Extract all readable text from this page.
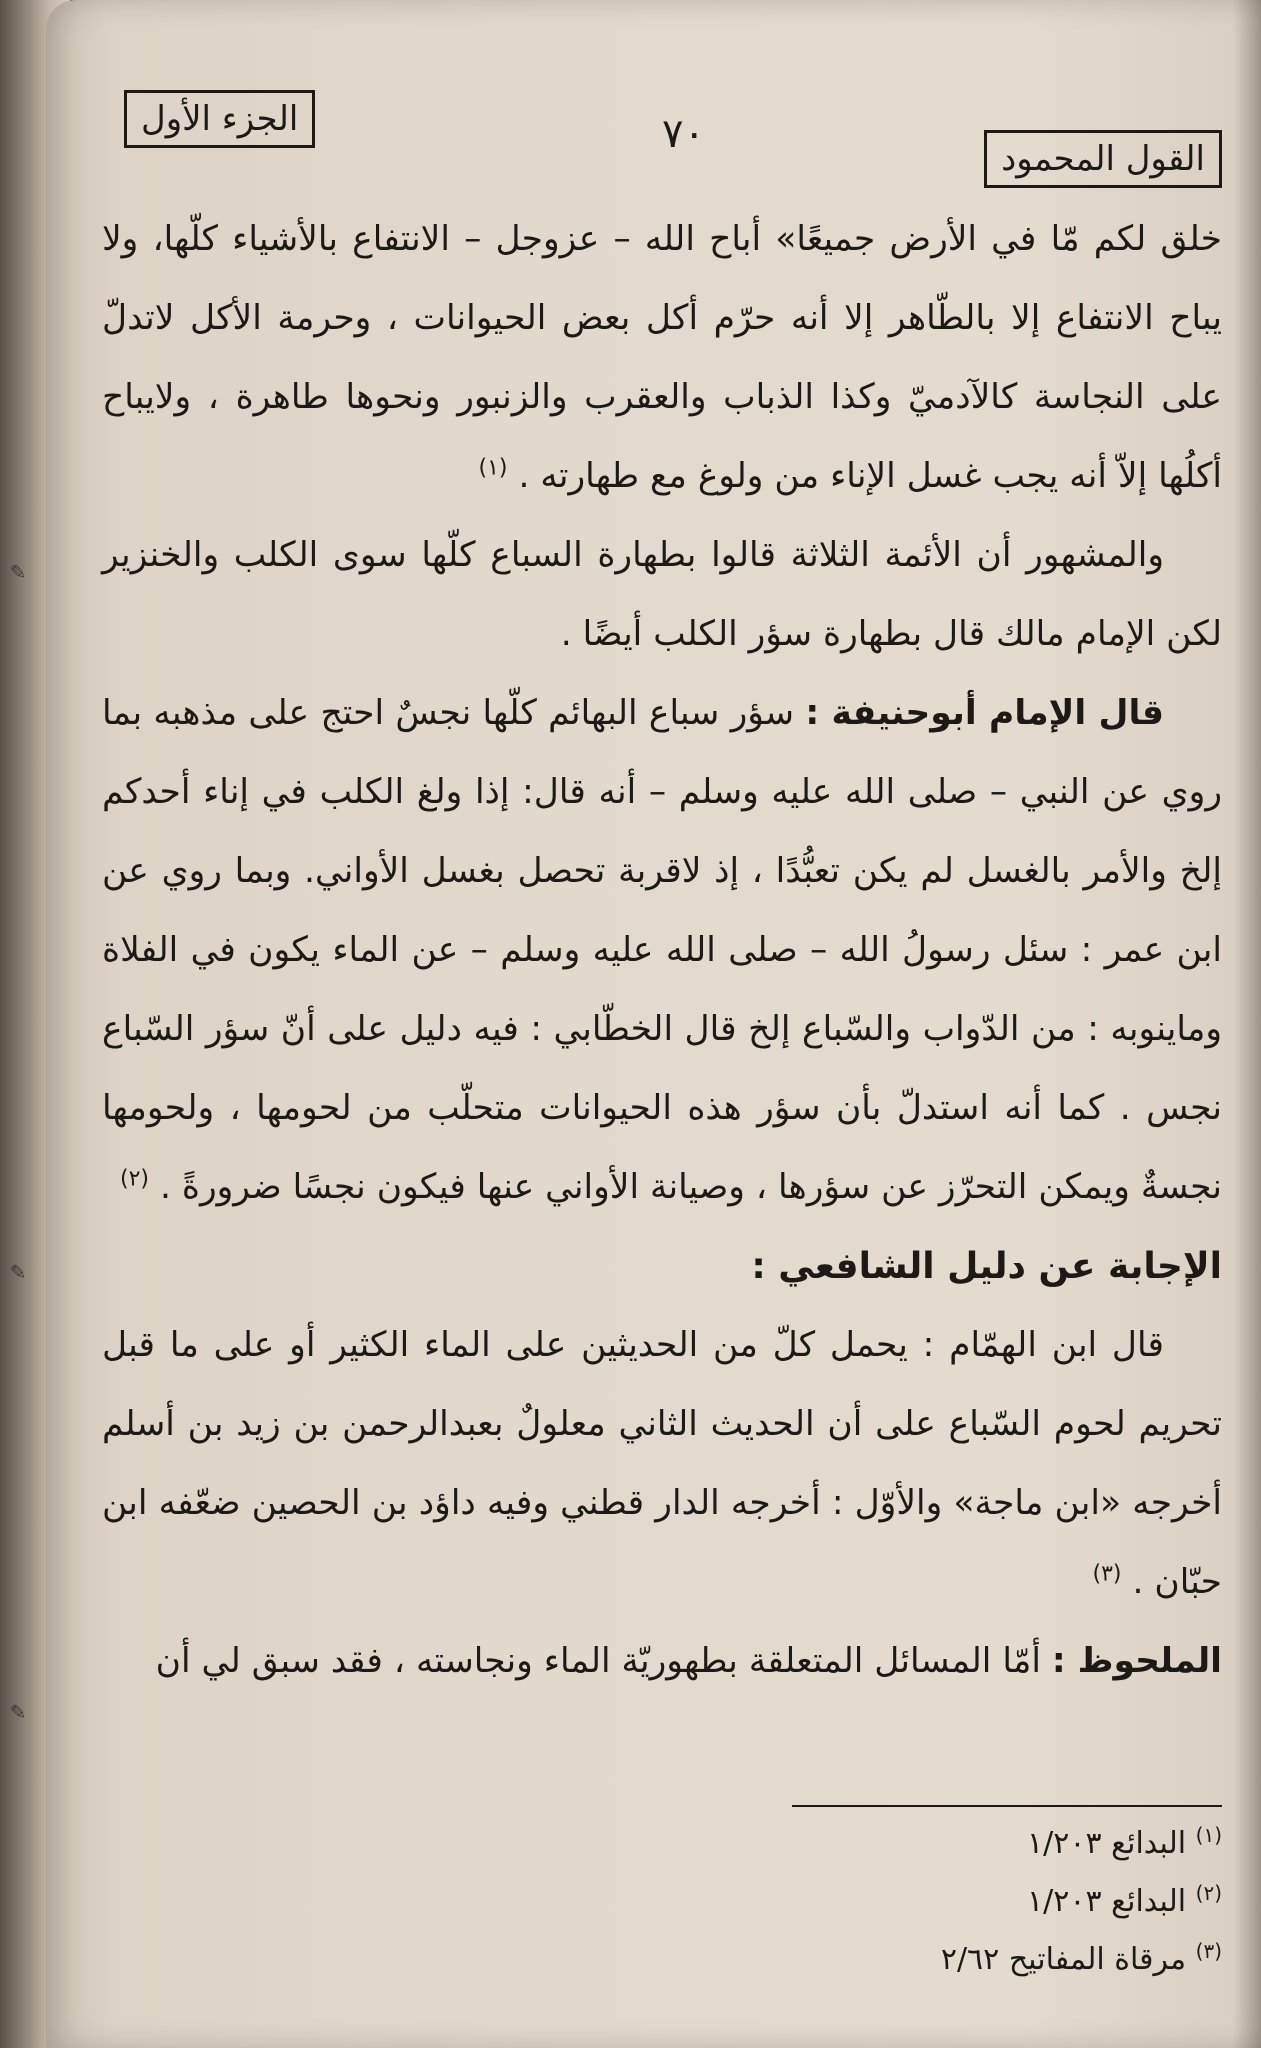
✎
✎
✎
الجزء الأول	٧٠
القول المحمود

خلق لكم مّا في الأرض جميعًا» أباح الله – عزوجل – الانتفاع بالأشياء كلّها، ولا يباح الانتفاع إلا بالطّاهر إلا أنه حرّم أكل بعض الحيوانات ، وحرمة الأكل لاتدلّ على النجاسة كالآدميّ وكذا الذباب والعقرب والزنبور ونحوها طاهرة ، ولايباح أكلُها إلاّ أنه يجب غسل الإناء من ولوغ مع طهارته . $^{(١)}$

والمشهور أن الأئمة الثلاثة قالوا بطهارة السباع كلّها سوى الكلب والخنزير لكن الإمام مالك قال بطهارة سؤر الكلب أيضًا .

قال الإمام أبوحنيفة : سؤر سباع البهائم كلّها نجسٌ احتج على مذهبه بما روي عن النبي – صلى الله عليه وسلم – أنه قال: إذا ولغ الكلب في إناء أحدكم إلخ والأمر بالغسل لم يكن تعبُّدًا ، إذ لاقربة تحصل بغسل الأواني. وبما روي عن ابن عمر : سئل رسولُ الله – صلى الله عليه وسلم – عن الماء يكون في الفلاة وماينوبه : من الدّواب والسّباع إلخ قال الخطّابي : فيه دليل على أنّ سؤر السّباع نجس . كما أنه استدلّ بأن سؤر هذه الحيوانات متحلّب من لحومها ، ولحومها نجسةٌ ويمكن التحرّز عن سؤرها ، وصيانة الأواني عنها فيكون نجسًا ضرورةً . $^{(٢)}$

الإجابة عن دليل الشافعي :

قال ابن الهمّام : يحمل كلّ من الحديثين على الماء الكثير أو على ما قبل تحريم لحوم السّباع على أن الحديث الثاني معلولٌ بعبدالرحمن بن زيد بن أسلم أخرجه «ابن ماجة» والأوّل : أخرجه الدار قطني وفيه داؤد بن الحصين ضعّفه ابن حبّان . $^{(٣)}$

الملحوظ : أمّا المسائل المتعلقة بطهوريّة الماء ونجاسته ، فقد سبق لي أن

$^{(١)}$ البدائع ١/٢٠٣

$^{(٢)}$ البدائع ١/٢٠٣

$^{(٣)}$ مرقاة المفاتيح ٢/٦٢
